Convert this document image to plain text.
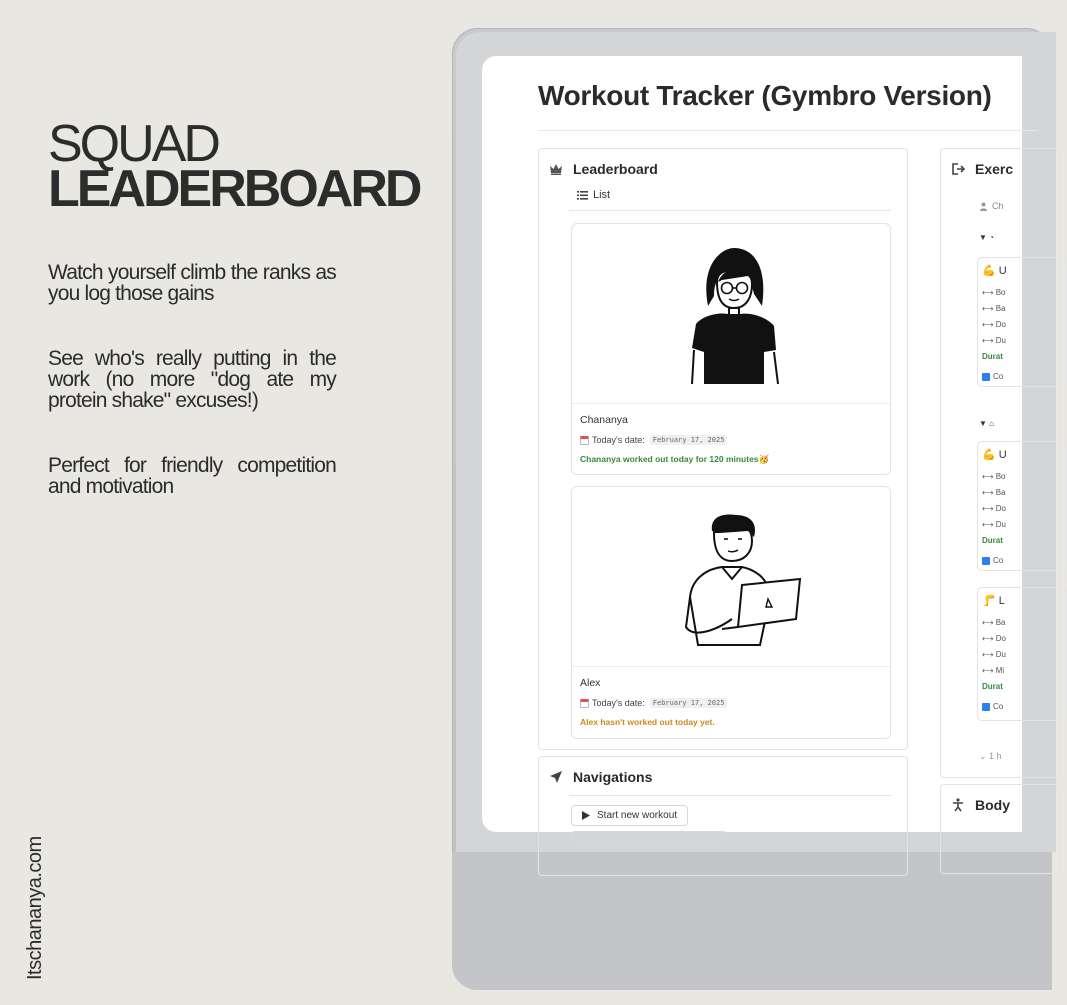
SQUAD
LEADERBOARD
Watch yourself climb the ranks as you log those gains
See who's really putting in the work (no more "dog ate my protein shake" excuses!)
Perfect for friendly competition and motivation
Itschananya.com
Workout Tracker (Gymbro Version)
Leaderboard
List
Chananya
Today's date:	February 17, 2025
Chananya worked out today for 120 minutes🥳
Alex
Today's date:	February 17, 2025
Alex hasn't worked out today yet.
Navigations
Start new workout
Exerc
Ch
▼ ◔
💪 U
⟷ Bo
⟷ Ba
⟷ Do
⟷ Du
Durat
Co
▼ ⌂
💪 U
⟷ Bo
⟷ Ba
⟷ Do
⟷ Du
Durat
Co
🦵 L
⟷ Ba
⟷ Do
⟷ Du
⟷ Mi
Durat
Co
⌄ 1 h
Body
